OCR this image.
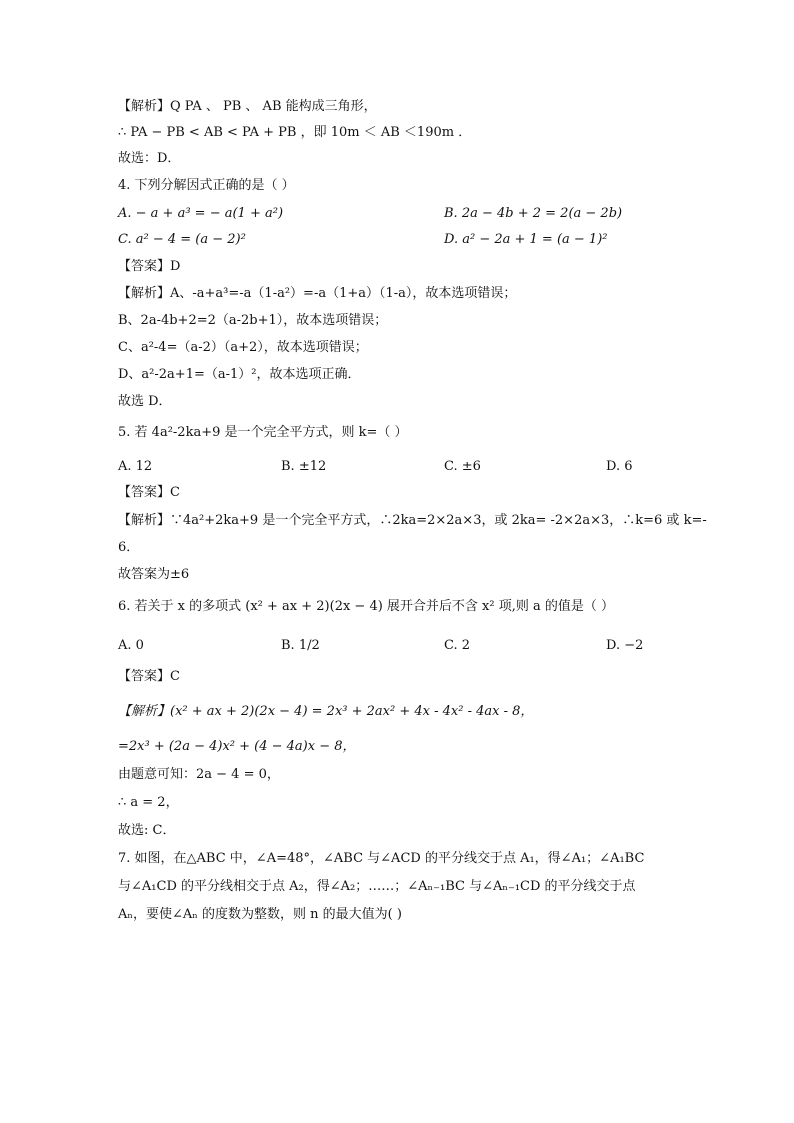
【解析】Q PA 、 PB 、 AB 能构成三角形，
∴ PA − PB < AB < PA + PB ，即 10m ＜ AB ＜190m ．
故选：D．
4. 下列分解因式正确的是（ ）
A. − a + a³ = − a(1 + a²)	B. 2a − 4b + 2 = 2(a − 2b)
C. a² − 4 = (a − 2)²	D. a² − 2a + 1 = (a − 1)²
【答案】D
【解析】A、-a+a³=-a（1-a²）=-a（1+a）（1-a），故本选项错误；
B、2a-4b+2=2（a-2b+1），故本选项错误；
C、a²-4=（a-2）（a+2），故本选项错误；
D、a²-2a+1=（a-1）²，故本选项正确．
故选 D．
5. 若 4a²-2ka+9 是一个完全平方式，则 k=（ ）
A. 12	B. ±12	C. ±6	D. 6
【答案】C
【解析】∵4a²+2ka+9 是一个完全平方式，∴2ka=2×2a×3，或 2ka= -2×2a×3，∴k=6 或 k=-
6．
故答案为±6
6. 若关于 x 的多项式 (x² + ax + 2)(2x − 4) 展开合并后不含 x² 项,则 a 的值是（ ）
A. 0	B. 1/2	C. 2	D. −2
【答案】C
【解析】(x² + ax + 2)(2x − 4) = 2x³ + 2ax² + 4x - 4x² - 4ax - 8，
=2x³ + (2a − 4)x² + (4 − 4a)x − 8，
由题意可知：2a − 4 = 0，
∴ a = 2，
故选: C．
7. 如图，在△ABC 中，∠A=48°，∠ABC 与∠ACD 的平分线交于点 A₁，得∠A₁；∠A₁BC
与∠A₁CD 的平分线相交于点 A₂，得∠A₂；……；∠Aₙ₋₁BC 与∠Aₙ₋₁CD 的平分线交于点
Aₙ，要使∠Aₙ 的度数为整数，则 n 的最大值为( )
